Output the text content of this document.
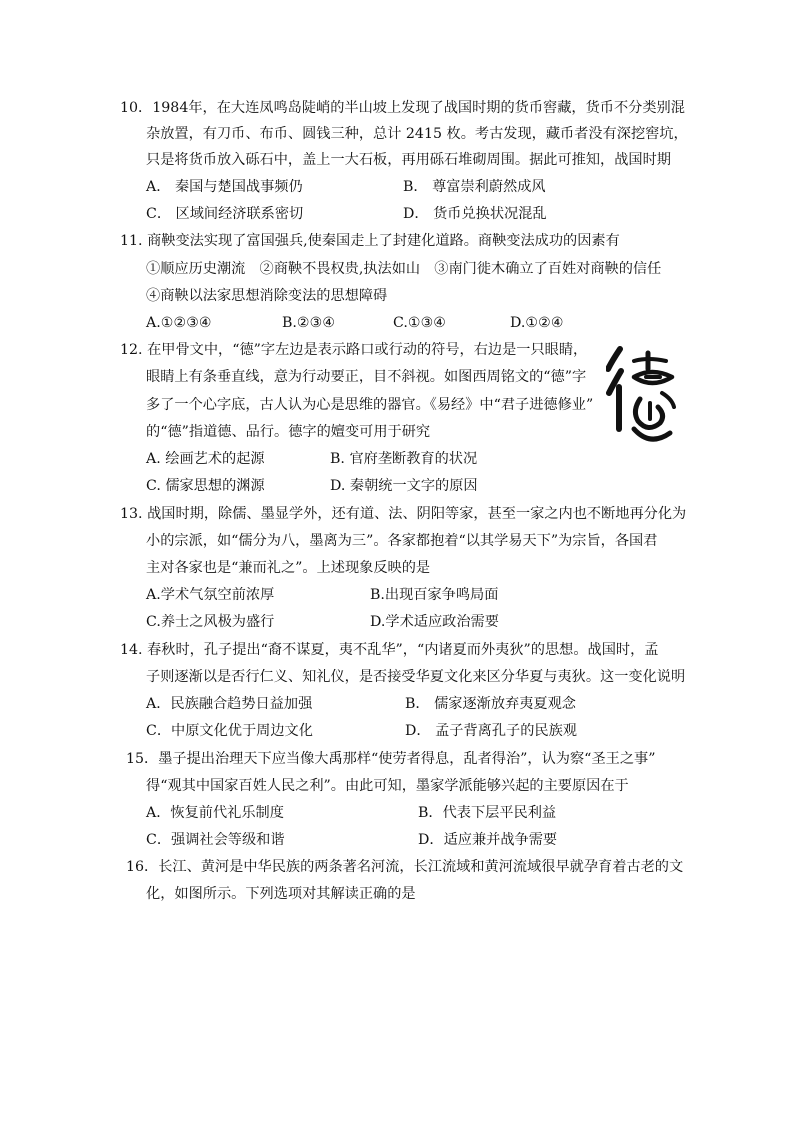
10．1984年，在大连凤鸣岛陡峭的半山坡上发现了战国时期的货币窖藏，货币不分类别混
杂放置，有刀币、布币、圆钱三种，总计 2415 枚。考古发现，藏币者没有深挖窖坑，
只是将货币放入砾石中，盖上一大石板，再用砾石堆砌周围。据此可推知，战国时期
A． 秦国与楚国战事频仍	B． 尊富崇利蔚然成风
C． 区域间经济联系密切	D． 货币兑换状况混乱
11. 商鞅变法实现了富国强兵,使秦国走上了封建化道路。商鞅变法成功的因素有
①顺应历史潮流　②商鞅不畏权贵,执法如山　③南门徙木确立了百姓对商鞅的信任
④商鞅以法家思想消除变法的思想障碍
A.①②③④	B.②③④	C.①③④	D.①②④
12. 在甲骨文中，“德”字左边是表示路口或行动的符号，右边是一只眼睛，
眼睛上有条垂直线，意为行动要正，目不斜视。如图西周铭文的“德”字
多了一个心字底，古人认为心是思维的器官。《易经》中“君子进德修业”
的“德”指道德、品行。德字的嬗变可用于研究
A. 绘画艺术的起源	B. 官府垄断教育的状况
C. 儒家思想的渊源	D. 秦朝统一文字的原因
13. 战国时期，除儒、墨显学外，还有道、法、阴阳等家，甚至一家之内也不断地再分化为
小的宗派，如“儒分为八，墨离为三”。各家都抱着“以其学易天下”为宗旨，各国君
主对各家也是“兼而礼之”。上述现象反映的是
A.学术气氛空前浓厚	B.出现百家争鸣局面
C.养士之风极为盛行	D.学术适应政治需要
14. 春秋时，孔子提出“裔不谋夏，夷不乱华”，“内诸夏而外夷狄”的思想。战国时，孟
子则逐渐以是否行仁义、知礼仪，是否接受华夏文化来区分华夏与夷狄。这一变化说明
A．民族融合趋势日益加强	B． 儒家逐渐放弃夷夏观念
C．中原文化优于周边文化	D． 孟子背离孔子的民族观
15．墨子提出治理天下应当像大禹那样“使劳者得息，乱者得治”，认为察“圣王之事”
得“观其中国家百姓人民之利”。由此可知，墨家学派能够兴起的主要原因在于
A．恢复前代礼乐制度	B．代表下层平民利益
C．强调社会等级和谐	D．适应兼并战争需要
16．长江、黄河是中华民族的两条著名河流，长江流域和黄河流域很早就孕育着古老的文
化，如图所示。下列选项对其解读正确的是
